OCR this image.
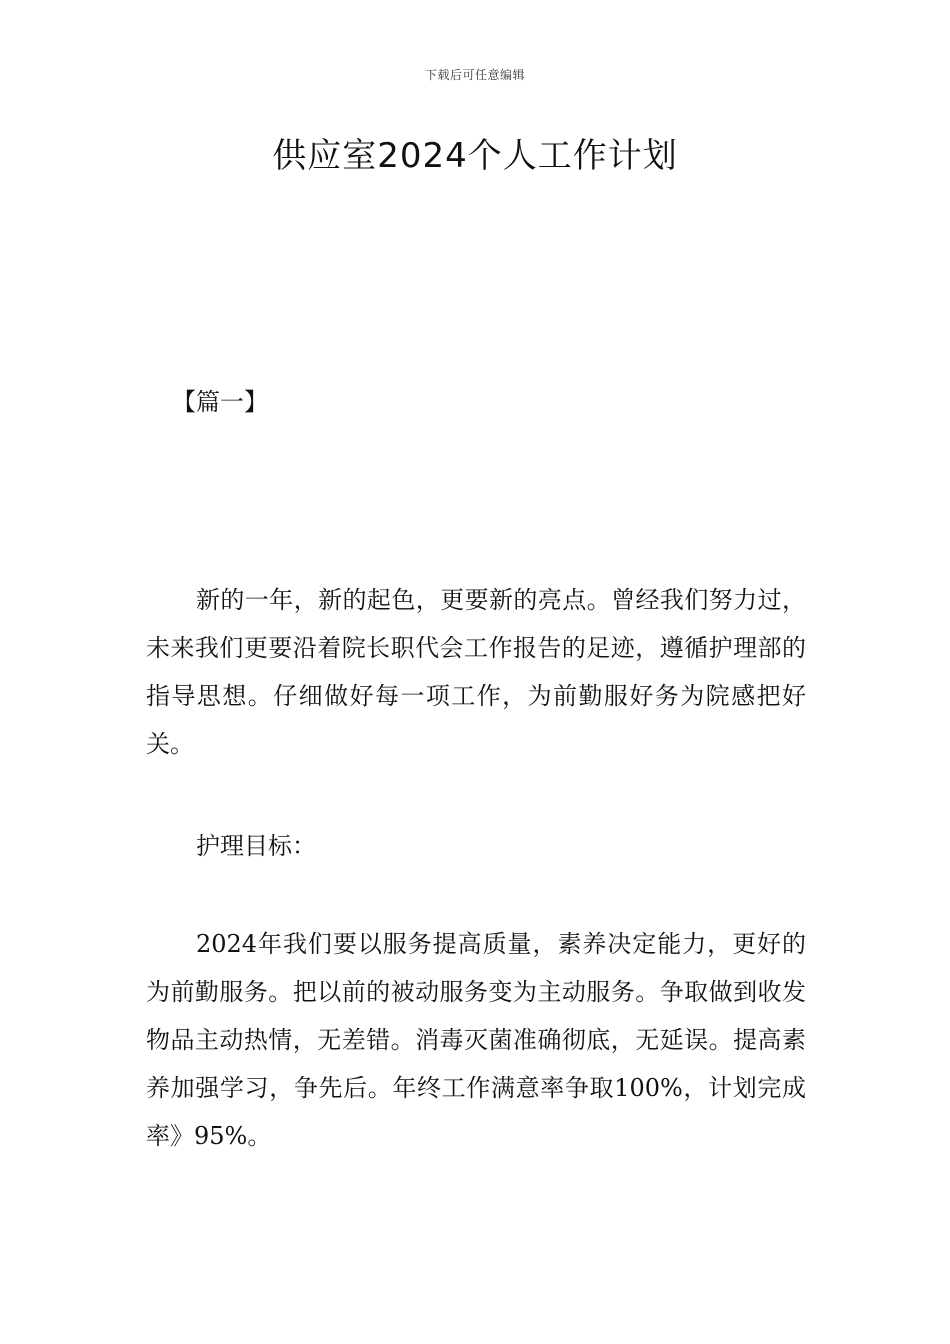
下载后可任意编辑
供应室2024个人工作计划

【篇一】

新的一年，新的起色，更要新的亮点。曾经我们努力过，未来我们更要沿着院长职代会工作报告的足迹，遵循护理部的指导思想。仔细做好每一项工作，为前勤服好务为院感把好关。

护理目标：

2024年我们要以服务提高质量，素养决定能力，更好的为前勤服务。把以前的被动服务变为主动服务。争取做到收发物品主动热情，无差错。消毒灭菌准确彻底，无延误。提高素养加强学习，争先后。年终工作满意率争取100%，计划完成率》95%。
